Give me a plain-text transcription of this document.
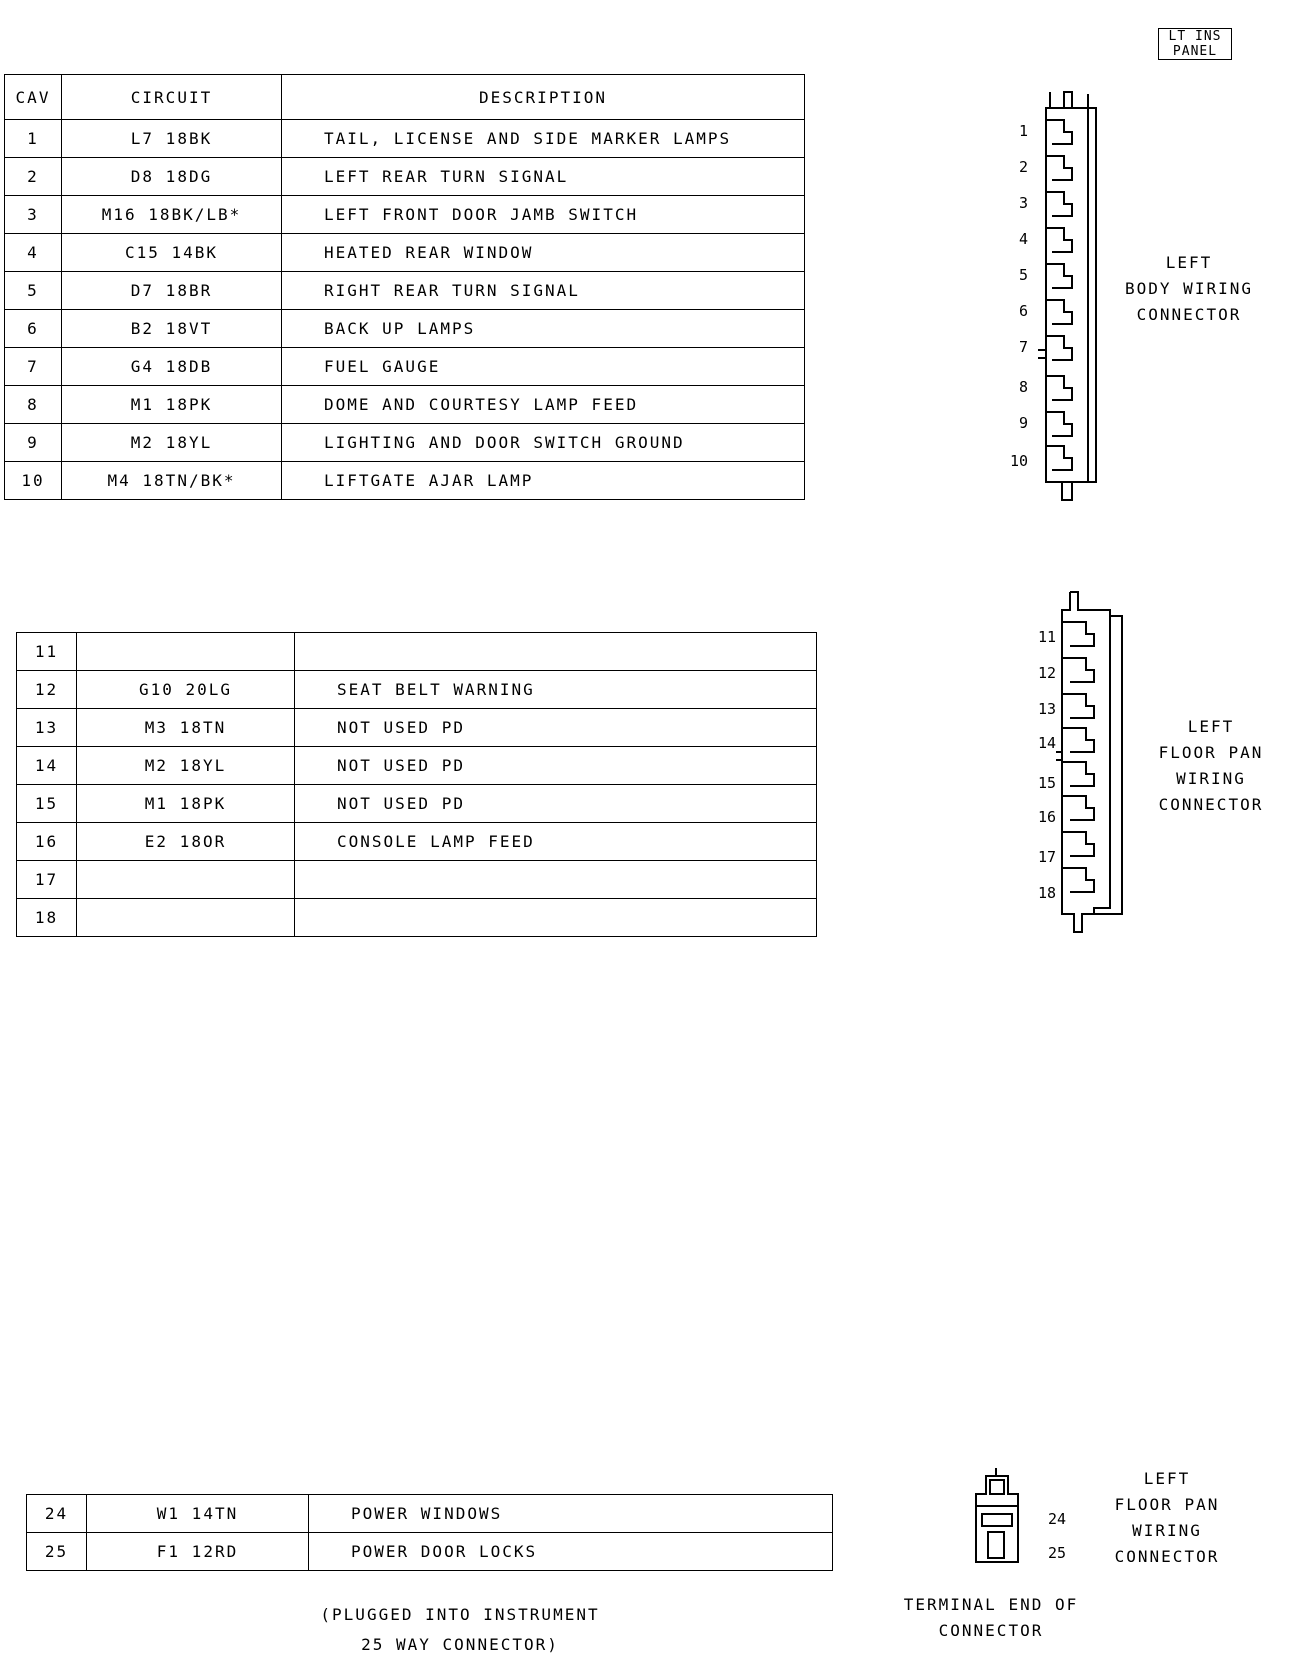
LT INS
PANEL
CAV	CIRCUIT	DESCRIPTION
1	L7 18BK	TAIL, LICENSE AND SIDE MARKER LAMPS
2	D8 18DG	LEFT REAR TURN SIGNAL
3	M16 18BK/LB*	LEFT FRONT DOOR JAMB SWITCH
4	C15 14BK	HEATED REAR WINDOW
5	D7 18BR	RIGHT REAR TURN SIGNAL
6	B2 18VT	BACK UP LAMPS
7	G4 18DB	FUEL GAUGE
8	M1 18PK	DOME AND COURTESY LAMP FEED
9	M2 18YL	LIGHTING AND DOOR SWITCH GROUND
10	M4 18TN/BK*	LIFTGATE AJAR LAMP
11		
12	G10 20LG	SEAT BELT WARNING
13	M3 18TN	NOT USED PD
14	M2 18YL	NOT USED PD
15	M1 18PK	NOT USED PD
16	E2 18OR	CONSOLE LAMP FEED
17		
18		
24	W1 14TN	POWER WINDOWS
25	F1 12RD	POWER DOOR LOCKS
(PLUGGED INTO INSTRUMENT
25 WAY CONNECTOR)
1
2
3
4
5
6
7
8
9
10
LEFT
BODY WIRING
CONNECTOR
11
12
13
14
15
16
17
18
LEFT
FLOOR PAN
WIRING
CONNECTOR
24
25
LEFT
FLOOR PAN
WIRING
CONNECTOR
TERMINAL END OF
CONNECTOR
